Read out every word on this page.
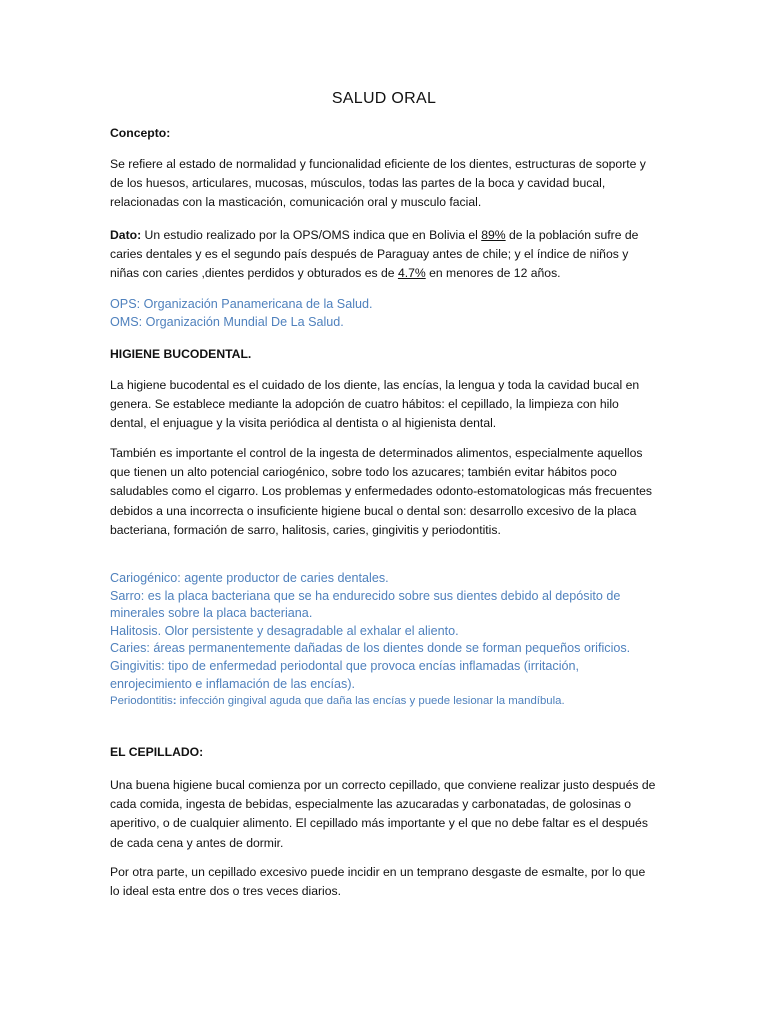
SALUD ORAL

Concepto:

Se refiere al estado de normalidad y funcionalidad eficiente de los dientes, estructuras de soporte y de los huesos, articulares, mucosas, músculos, todas las partes de la boca y cavidad bucal, relacionadas con la masticación, comunicación oral y musculo facial.

Dato: Un estudio realizado por la OPS/OMS indica que en Bolivia el 89% de la población sufre de caries dentales y es el segundo país después de Paraguay antes de chile; y el índice de niños y niñas con caries ,dientes perdidos y obturados es de 4.7% en menores de 12 años.

OPS: Organización Panamericana de la Salud.

OMS: Organización Mundial De La Salud.

HIGIENE BUCODENTAL.

La higiene bucodental es el cuidado de los diente, las encías, la lengua y toda la cavidad bucal en genera. Se establece mediante la adopción de cuatro hábitos: el cepillado, la limpieza con hilo dental, el enjuague y la visita periódica al dentista o al higienista dental.

También es importante el control de la ingesta de determinados alimentos, especialmente aquellos que tienen un alto potencial cariogénico, sobre todo los azucares; también evitar hábitos poco saludables como el cigarro. Los problemas y enfermedades odonto-estomatologicas más frecuentes debidos a una incorrecta o insuficiente higiene bucal o dental son: desarrollo excesivo de la placa bacteriana, formación de sarro, halitosis, caries, gingivitis y periodontitis.

Cariogénico: agente productor de caries dentales.

Sarro: es la placa bacteriana que se ha endurecido sobre sus dientes debido al depósito de minerales sobre la placa bacteriana.

Halitosis. Olor persistente y desagradable al exhalar el aliento.

Caries: áreas permanentemente dañadas de los dientes donde se forman pequeños orificios.

Gingivitis: tipo de enfermedad periodontal que provoca encías inflamadas (irritación, enrojecimiento e inflamación de las encías).

Periodontitis: infección gingival aguda que daña las encías y puede lesionar la mandíbula.

EL CEPILLADO:

Una buena higiene bucal comienza por un correcto cepillado, que conviene realizar justo después de cada comida, ingesta de bebidas, especialmente las azucaradas y carbonatadas, de golosinas o aperitivo, o de cualquier alimento. El cepillado más importante y el que no debe faltar es el después de cada cena y antes de dormir.

Por otra parte, un cepillado excesivo puede incidir en un temprano desgaste de esmalte, por lo que lo ideal esta entre dos o tres veces diarios.
